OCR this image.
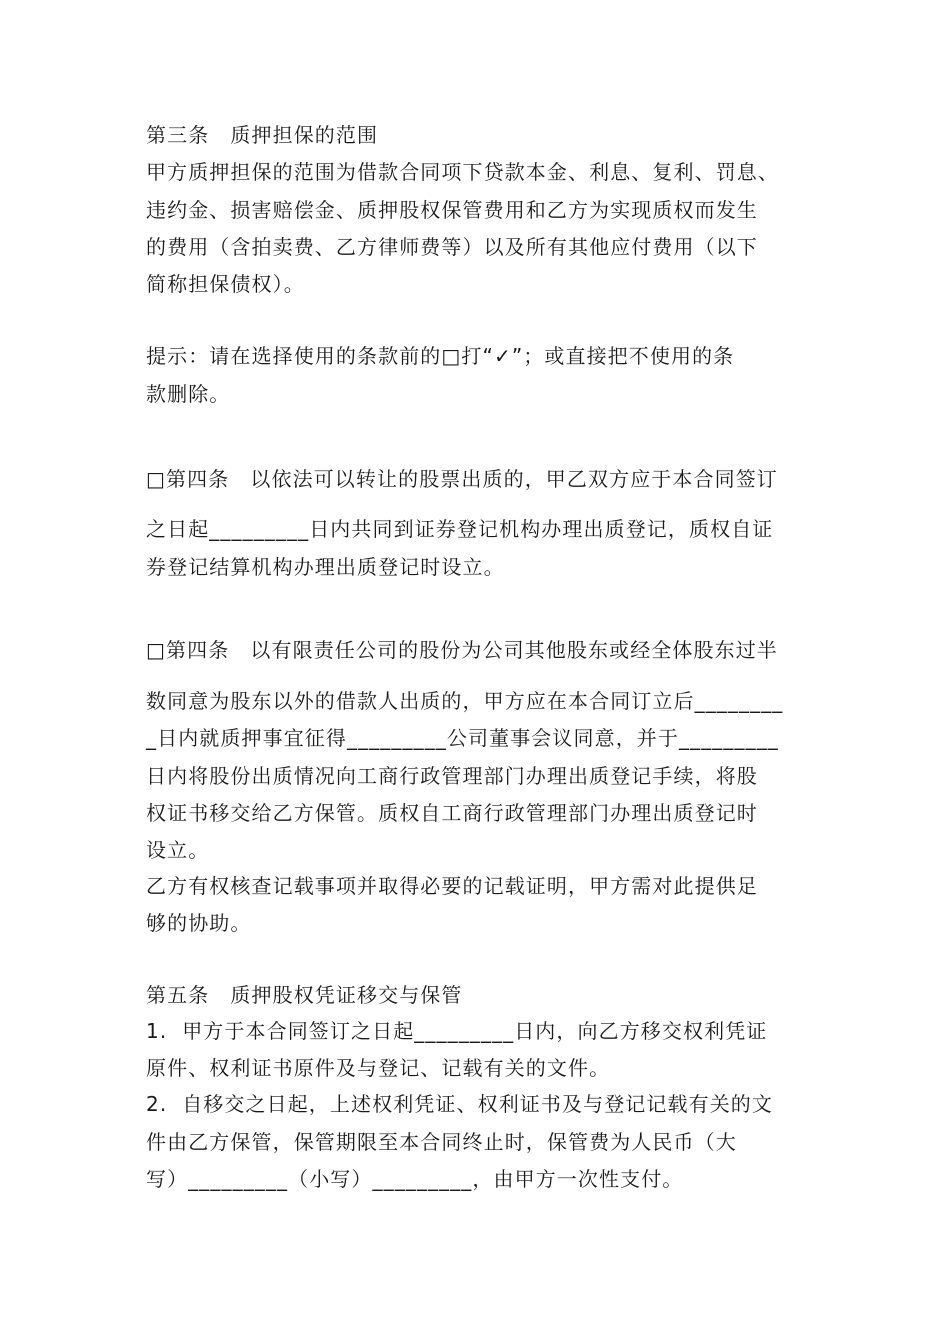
第三条　质押担保的范围
甲方质押担保的范围为借款合同项下贷款本金、利息、复利、罚息、
违约金、损害赔偿金、质押股权保管费用和乙方为实现质权而发生
的费用（含拍卖费、乙方律师费等）以及所有其他应付费用（以下
简称担保债权）。
提示：请在选择使用的条款前的□打“✓”；或直接把不使用的条
款删除。
□第四条　以依法可以转让的股票出质的，甲乙双方应于本合同签订
之日起_________日内共同到证券登记机构办理出质登记，质权自证
券登记结算机构办理出质登记时设立。
□第四条　以有限责任公司的股份为公司其他股东或经全体股东过半
数同意为股东以外的借款人出质的，甲方应在本合同订立后________
_日内就质押事宜征得_________公司董事会议同意，并于_________
日内将股份出质情况向工商行政管理部门办理出质登记手续，将股
权证书移交给乙方保管。质权自工商行政管理部门办理出质登记时
设立。
乙方有权核查记载事项并取得必要的记载证明，甲方需对此提供足
够的协助。
第五条　质押股权凭证移交与保管
1.  甲方于本合同签订之日起_________日内，向乙方移交权利凭证
原件、权利证书原件及与登记、记载有关的文件。
2.  自移交之日起，上述权利凭证、权利证书及与登记记载有关的文
件由乙方保管，保管期限至本合同终止时，保管费为人民币（大
写）_________（小写）_________，由甲方一次性支付。
